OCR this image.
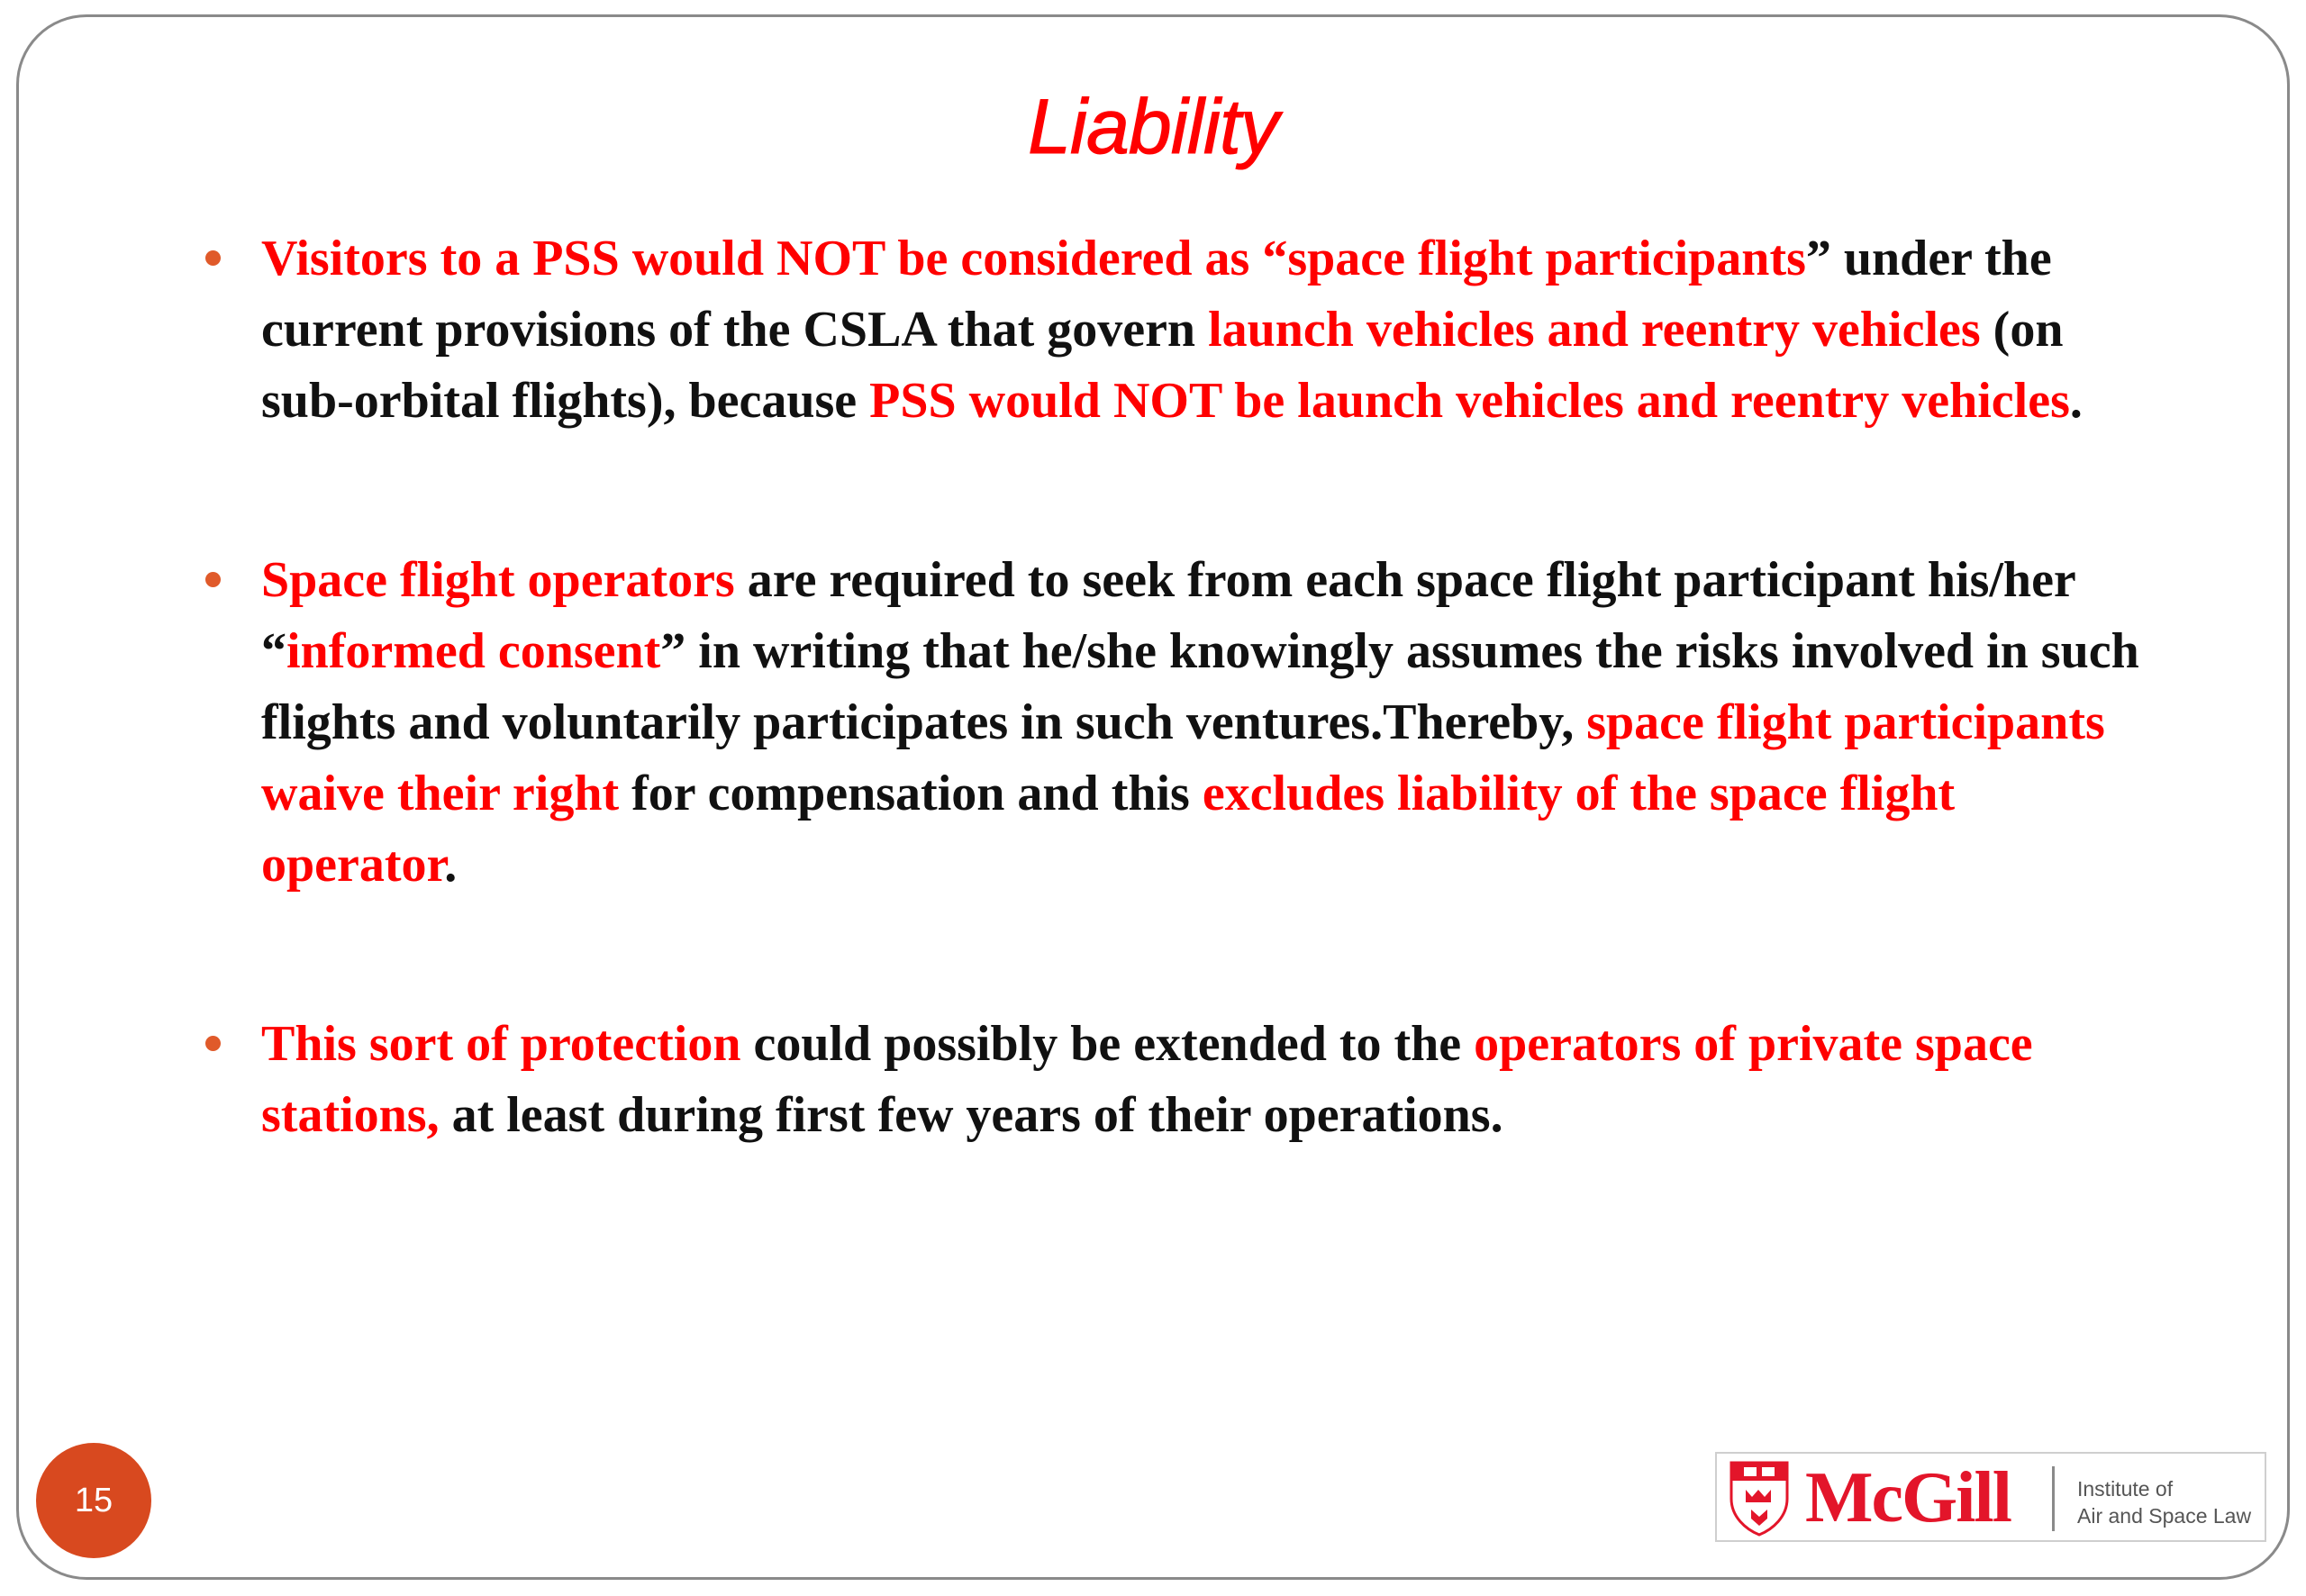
Liability
Visitors to a PSS would NOT be considered as “space flight participants” under the current provisions of the CSLA that govern launch vehicles and reentry vehicles (on sub-orbital flights), because PSS would NOT be launch vehicles and reentry vehicles.
Space flight operators are required to seek from each space flight participant his/her “informed consent” in writing that he/she knowingly assumes the risks involved in such flights and voluntarily participates in such ventures.Thereby, space flight participants waive their right for compensation and this excludes liability of the space flight operator.
This sort of protection could possibly be extended to the operators of private space stations, at least during first few years of their operations.
15	McGill	Institute of
Air and Space Law
